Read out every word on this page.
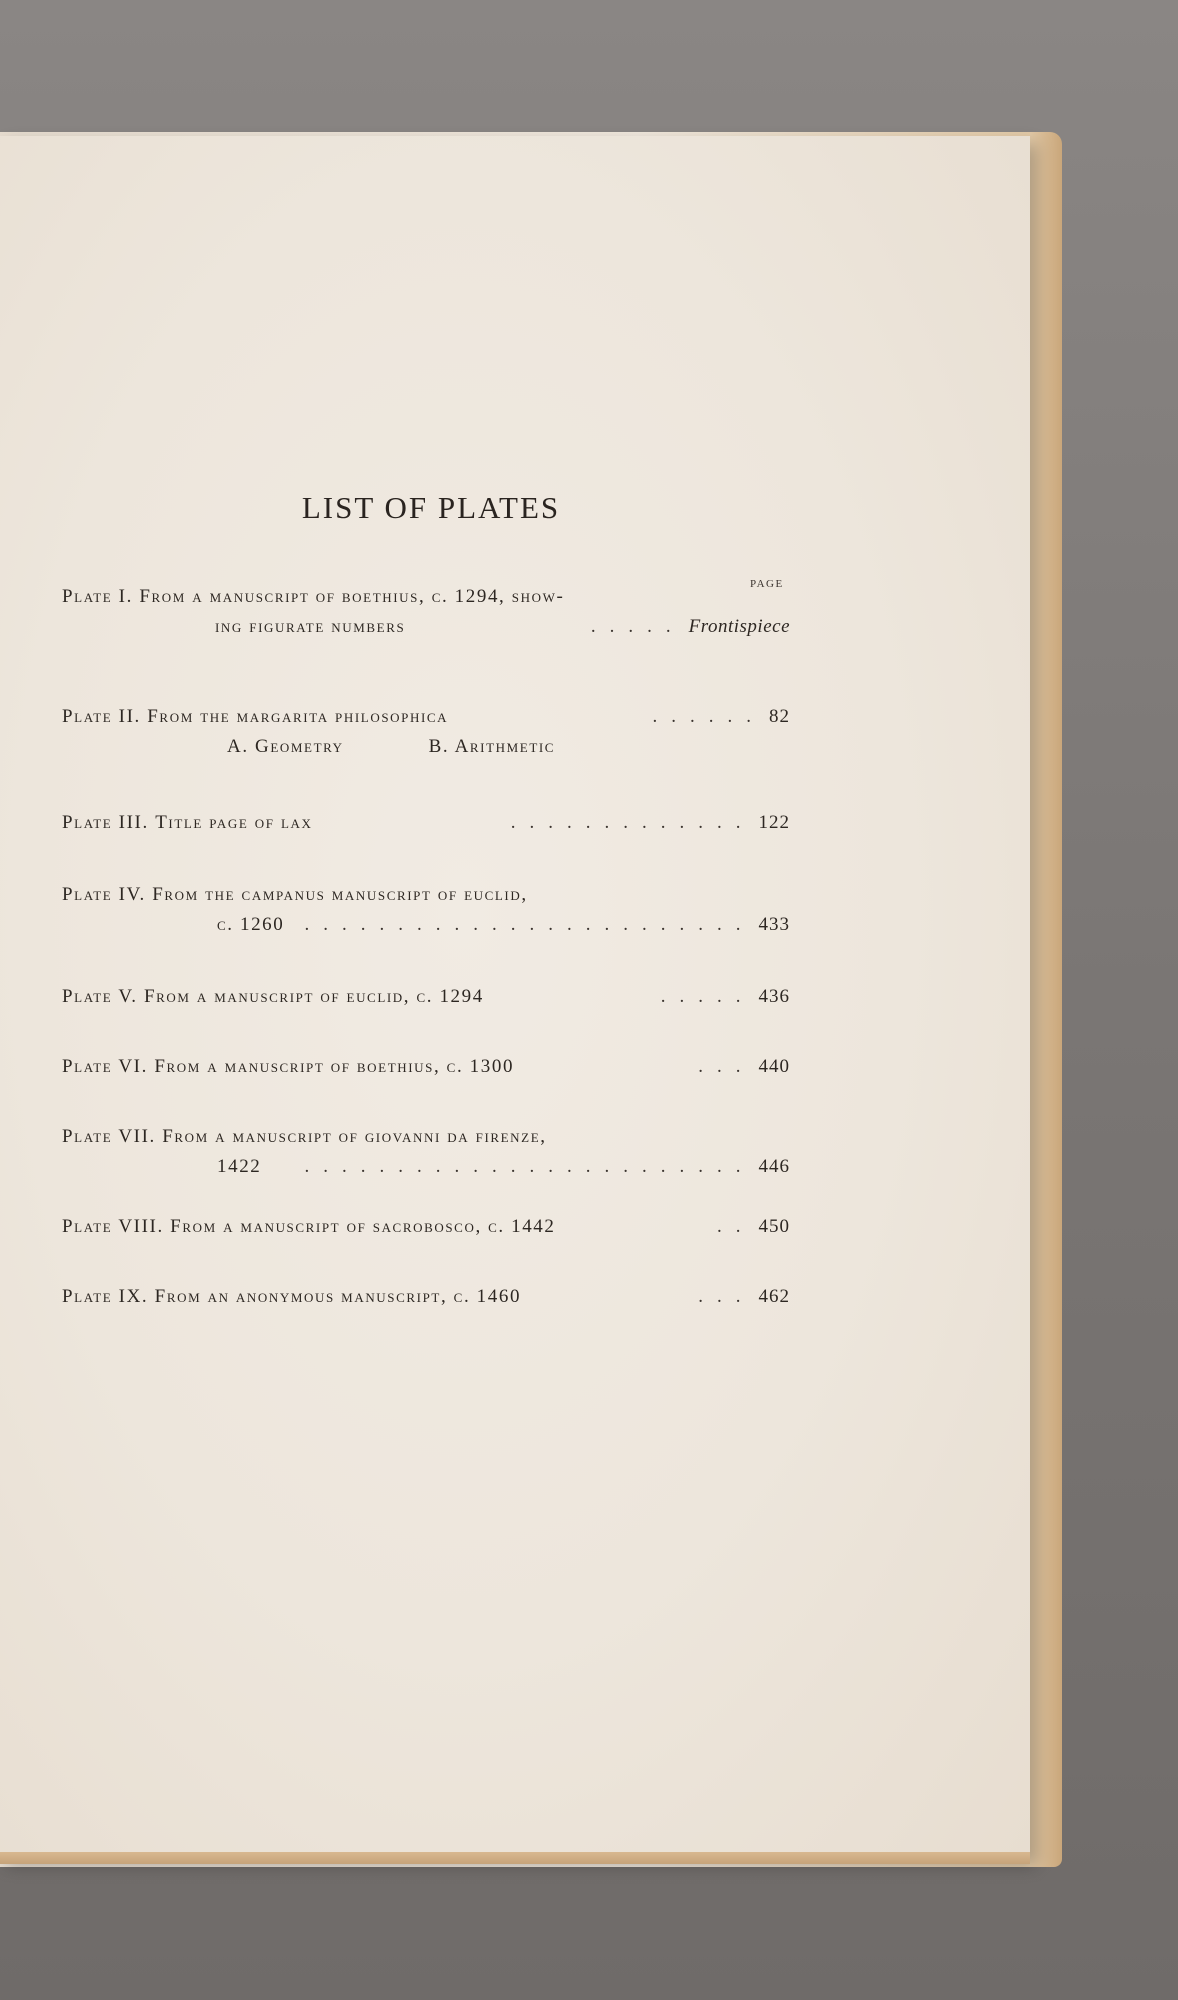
LIST OF PLATES
PAGE
Plate I.
From a manuscript of boethius, c. 1294, show-
ing figurate numbers	..... Frontispiece
Plate II.
From the margarita philosophica	...... 82
A. Geometry	B. Arithmetic
Plate III.
Title page of lax	............. 122
Plate IV.
From the campanus manuscript of euclid,
c. 1260	........................ 433
Plate V.
From a manuscript of euclid, c. 1294	..... 436
Plate VI.
From a manuscript of boethius, c. 1300	... 440
Plate VII.
From a manuscript of giovanni da firenze,
1422	........................ 446
Plate VIII.
From a manuscript of sacrobosco, c. 1442	.. 450
Plate IX.
From an anonymous manuscript, c. 1460	... 462
